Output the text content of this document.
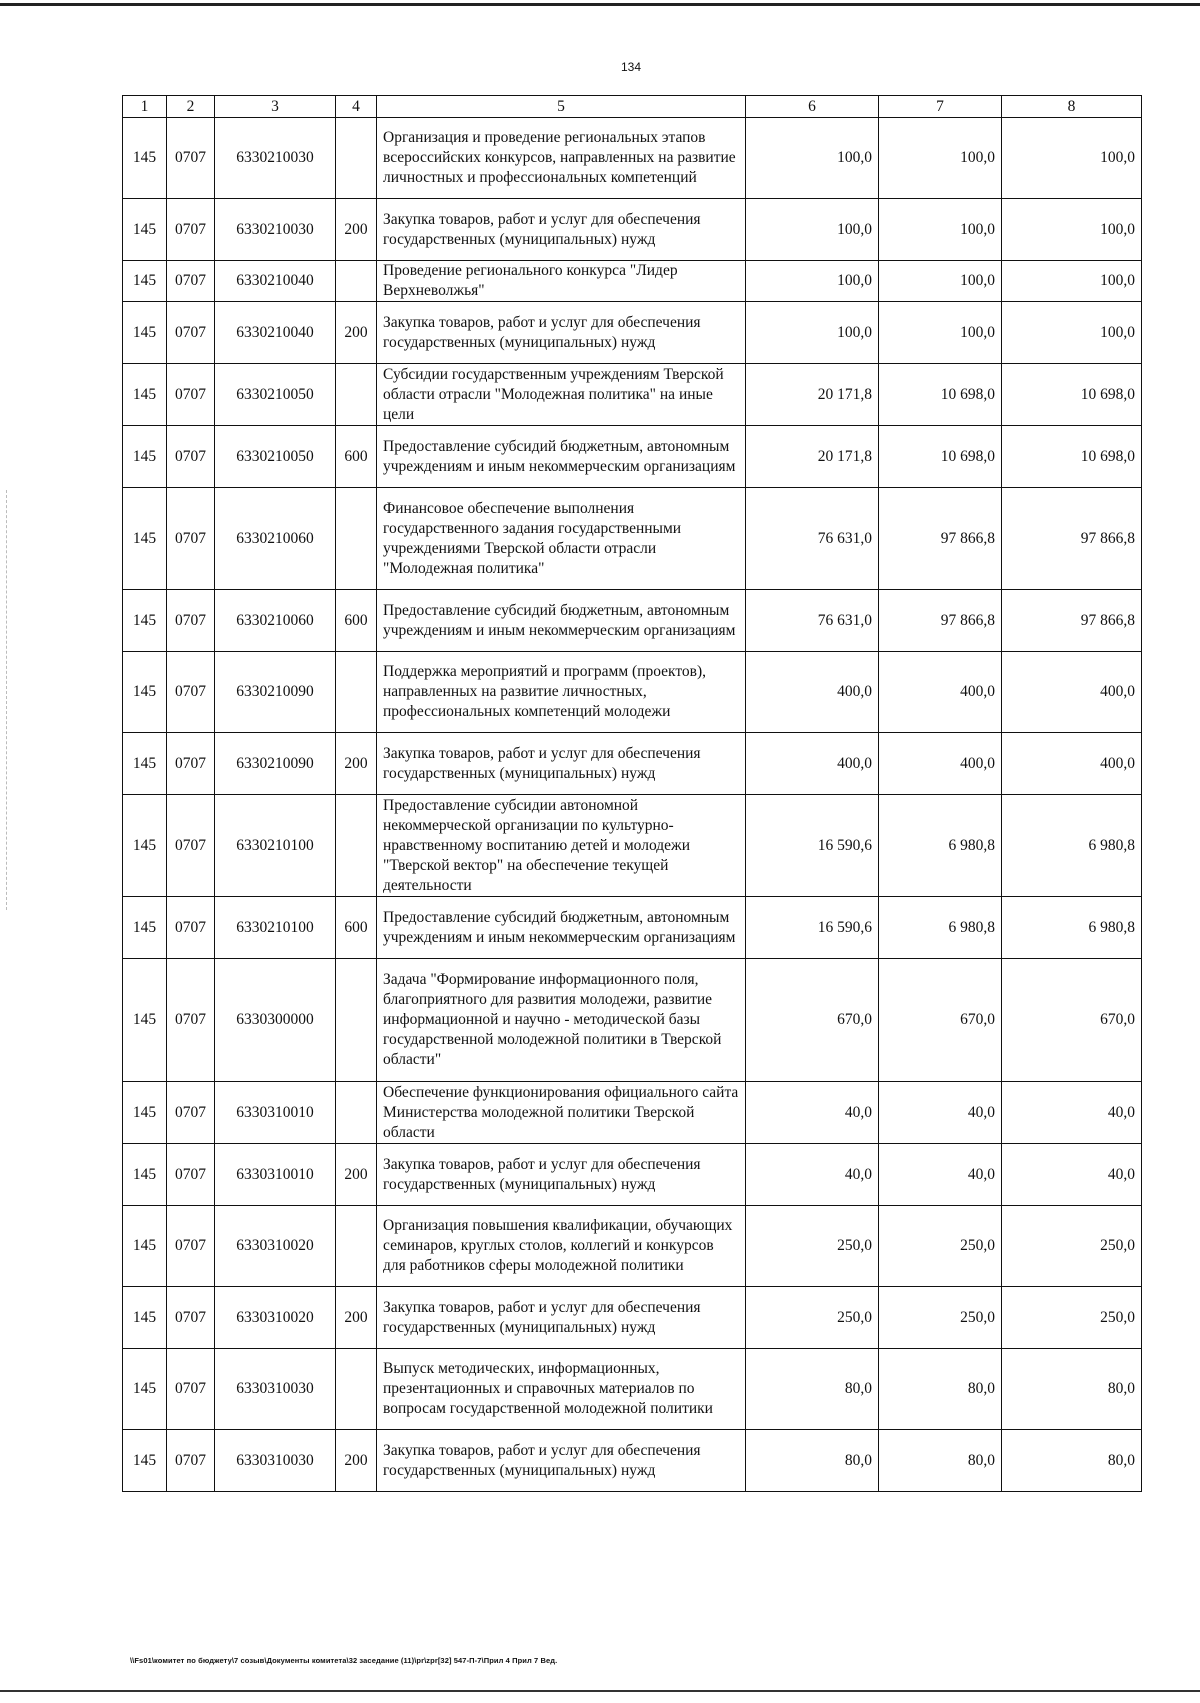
134
1	2	3	4	5	6	7	8
145	0707	6330210030		Организация и проведение региональных этапов всероссийских конкурсов, направленных на развитие личностных и профессиональных компетенций	100,0	100,0	100,0
145	0707	6330210030	200	Закупка товаров, работ и услуг для обеспечения государственных (муниципальных) нужд	100,0	100,0	100,0
145	0707	6330210040		Проведение регионального конкурса "Лидер Верхневолжья"	100,0	100,0	100,0
145	0707	6330210040	200	Закупка товаров, работ и услуг для обеспечения государственных (муниципальных) нужд	100,0	100,0	100,0
145	0707	6330210050		Субсидии государственным учреждениям Тверской области отрасли "Молодежная политика" на иные цели	20 171,8	10 698,0	10 698,0
145	0707	6330210050	600	Предоставление субсидий бюджетным, автономным учреждениям и иным некоммерческим организациям	20 171,8	10 698,0	10 698,0
145	0707	6330210060		Финансовое обеспечение выполнения государственного задания государственными учреждениями Тверской области отрасли "Молодежная политика"	76 631,0	97 866,8	97 866,8
145	0707	6330210060	600	Предоставление субсидий бюджетным, автономным учреждениям и иным некоммерческим организациям	76 631,0	97 866,8	97 866,8
145	0707	6330210090		Поддержка мероприятий и программ (проектов), направленных на развитие личностных, профессиональных компетенций молодежи	400,0	400,0	400,0
145	0707	6330210090	200	Закупка товаров, работ и услуг для обеспечения государственных (муниципальных) нужд	400,0	400,0	400,0
145	0707	6330210100		Предоставление субсидии автономной некоммерческой организации по культурно-нравственному воспитанию детей и молодежи "Тверской вектор" на обеспечение текущей деятельности	16 590,6	6 980,8	6 980,8
145	0707	6330210100	600	Предоставление субсидий бюджетным, автономным учреждениям и иным некоммерческим организациям	16 590,6	6 980,8	6 980,8
145	0707	6330300000		Задача "Формирование информационного поля, благоприятного для развития молодежи, развитие информационной и научно - методической базы государственной молодежной политики в Тверской области"	670,0	670,0	670,0
145	0707	6330310010		Обеспечение функционирования официального сайта Министерства молодежной политики Тверской области	40,0	40,0	40,0
145	0707	6330310010	200	Закупка товаров, работ и услуг для обеспечения государственных (муниципальных) нужд	40,0	40,0	40,0
145	0707	6330310020		Организация повышения квалификации, обучающих семинаров, круглых столов, коллегий и конкурсов для работников сферы молодежной политики	250,0	250,0	250,0
145	0707	6330310020	200	Закупка товаров, работ и услуг для обеспечения государственных (муниципальных) нужд	250,0	250,0	250,0
145	0707	6330310030		Выпуск методических, информационных, презентационных и справочных материалов по вопросам государственной молодежной политики	80,0	80,0	80,0
145	0707	6330310030	200	Закупка товаров, работ и услуг для обеспечения государственных (муниципальных) нужд	80,0	80,0	80,0
\\Fs01\комитет по бюджету\7 созыв\Документы комитета\32 заседание (11)\pr\zpr[32] 547-П-7\Прил 4 Прил 7 Вед.
